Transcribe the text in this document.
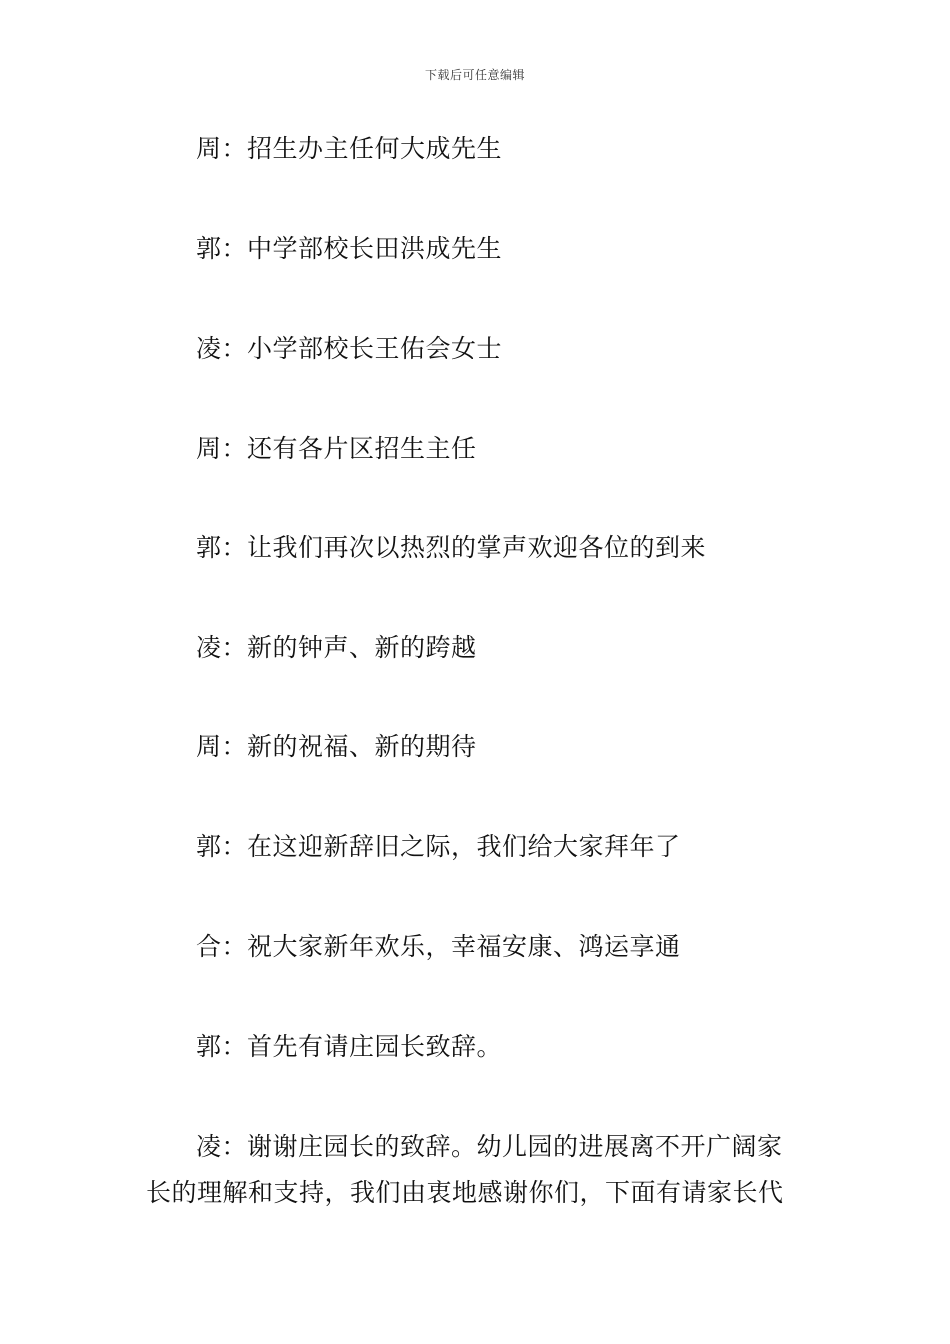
下载后可任意编辑
周：招生办主任何大成先生
郭：中学部校长田洪成先生
凌：小学部校长王佑会女士
周：还有各片区招生主任
郭：让我们再次以热烈的掌声欢迎各位的到来
凌：新的钟声、新的跨越
周：新的祝福、新的期待
郭：在这迎新辞旧之际，我们给大家拜年了
合：祝大家新年欢乐，幸福安康、鸿运享通
郭：首先有请庄园长致辞。
凌：谢谢庄园长的致辞。幼儿园的进展离不开广阔家
长的理解和支持，我们由衷地感谢你们，下面有请家长代
